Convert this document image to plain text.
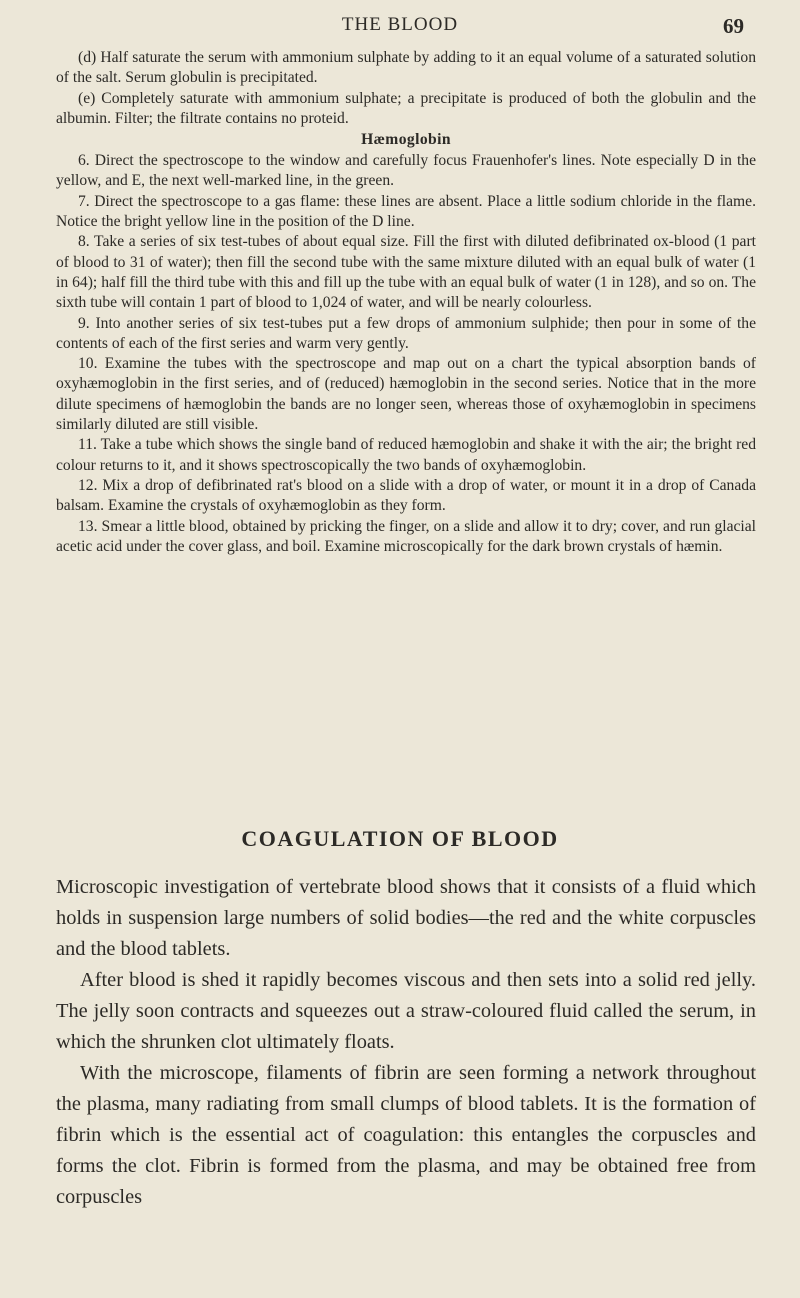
THE BLOOD	69

(d) Half saturate the serum with ammonium sulphate by adding to it an equal volume of a saturated solution of the salt. Serum globulin is precipitated.

(e) Completely saturate with ammonium sulphate; a precipitate is produced of both the globulin and the albumin. Filter; the filtrate contains no proteid.

Hæmoglobin

6. Direct the spectroscope to the window and carefully focus Frauenhofer's lines. Note especially D in the yellow, and E, the next well-marked line, in the green.

7. Direct the spectroscope to a gas flame: these lines are absent. Place a little sodium chloride in the flame. Notice the bright yellow line in the position of the D line.

8. Take a series of six test-tubes of about equal size. Fill the first with diluted defibrinated ox-blood (1 part of blood to 31 of water); then fill the second tube with the same mixture diluted with an equal bulk of water (1 in 64); half fill the third tube with this and fill up the tube with an equal bulk of water (1 in 128), and so on. The sixth tube will contain 1 part of blood to 1,024 of water, and will be nearly colourless.

9. Into another series of six test-tubes put a few drops of ammonium sulphide; then pour in some of the contents of each of the first series and warm very gently.

10. Examine the tubes with the spectroscope and map out on a chart the typical absorption bands of oxyhæmoglobin in the first series, and of (reduced) hæmoglobin in the second series. Notice that in the more dilute specimens of hæmoglobin the bands are no longer seen, whereas those of oxyhæmoglobin in specimens similarly diluted are still visible.

11. Take a tube which shows the single band of reduced hæmoglobin and shake it with the air; the bright red colour returns to it, and it shows spectroscopically the two bands of oxyhæmoglobin.

12. Mix a drop of defibrinated rat's blood on a slide with a drop of water, or mount it in a drop of Canada balsam. Examine the crystals of oxyhæmoglobin as they form.

13. Smear a little blood, obtained by pricking the finger, on a slide and allow it to dry; cover, and run glacial acetic acid under the cover glass, and boil. Examine microscopically for the dark brown crystals of hæmin.

COAGULATION OF BLOOD

Microscopic investigation of vertebrate blood shows that it consists of a fluid which holds in suspension large numbers of solid bodies—the red and the white corpuscles and the blood tablets.

After blood is shed it rapidly becomes viscous and then sets into a solid red jelly. The jelly soon contracts and squeezes out a straw-coloured fluid called the serum, in which the shrunken clot ultimately floats.

With the microscope, filaments of fibrin are seen forming a network throughout the plasma, many radiating from small clumps of blood tablets. It is the formation of fibrin which is the essential act of coagulation: this entangles the corpuscles and forms the clot. Fibrin is formed from the plasma, and may be obtained free from corpuscles
